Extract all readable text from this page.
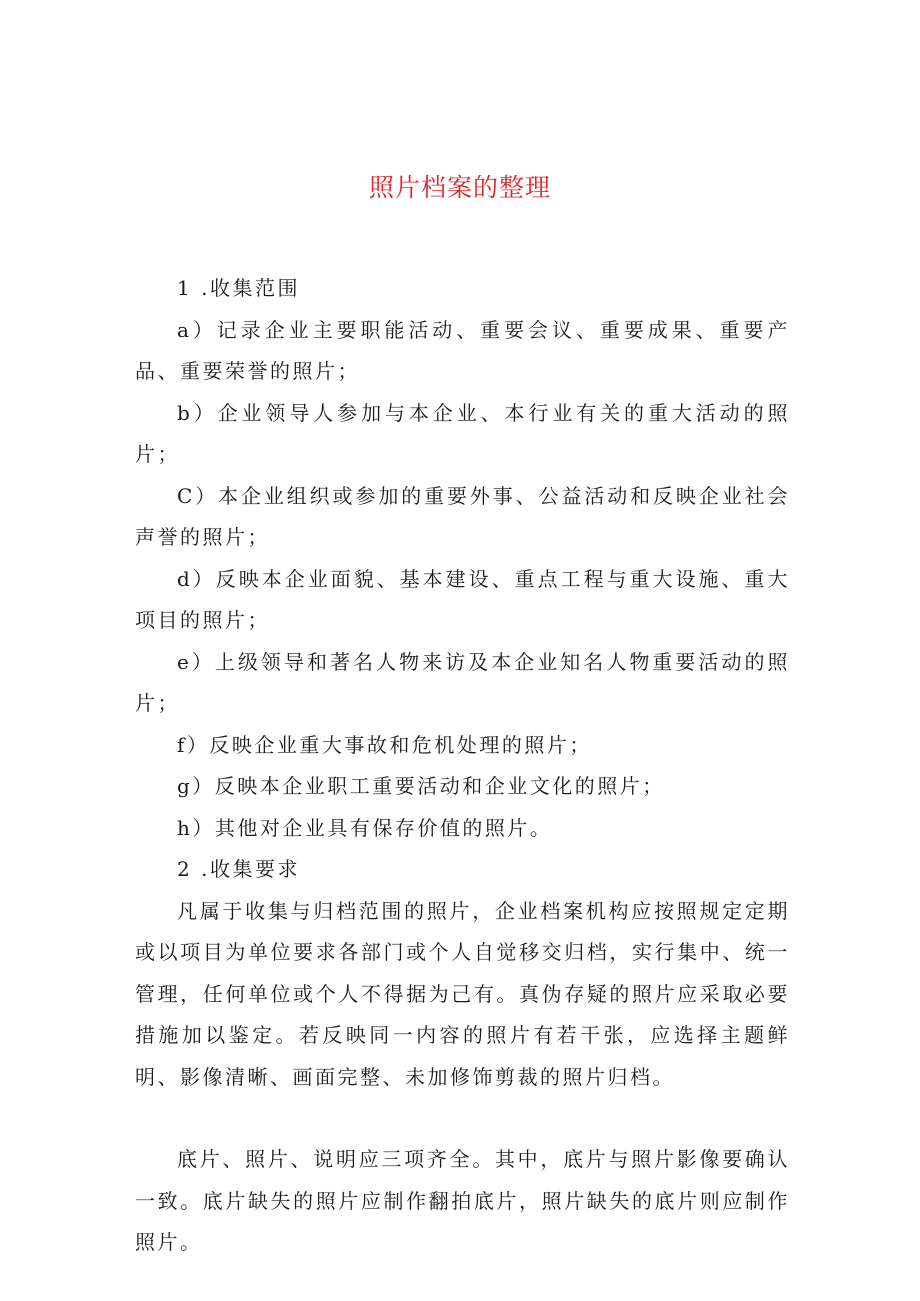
照片档案的整理

1 .收集范围

a）记录企业主要职能活动、重要会议、重要成果、重要产品、重要荣誉的照片；

b）企业领导人参加与本企业、本行业有关的重大活动的照片；

C）本企业组织或参加的重要外事、公益活动和反映企业社会声誉的照片；

d）反映本企业面貌、基本建设、重点工程与重大设施、重大项目的照片；

e）上级领导和著名人物来访及本企业知名人物重要活动的照片；

f）反映企业重大事故和危机处理的照片；

g）反映本企业职工重要活动和企业文化的照片；

h）其他对企业具有保存价值的照片。

2 .收集要求

凡属于收集与归档范围的照片，企业档案机构应按照规定定期或以项目为单位要求各部门或个人自觉移交归档，实行集中、统一管理，任何单位或个人不得据为己有。真伪存疑的照片应采取必要措施加以鉴定。若反映同一内容的照片有若干张，应选择主题鲜明、影像清晰、画面完整、未加修饰剪裁的照片归档。

底片、照片、说明应三项齐全。其中，底片与照片影像要确认一致。底片缺失的照片应制作翻拍底片，照片缺失的底片则应制作照片。
